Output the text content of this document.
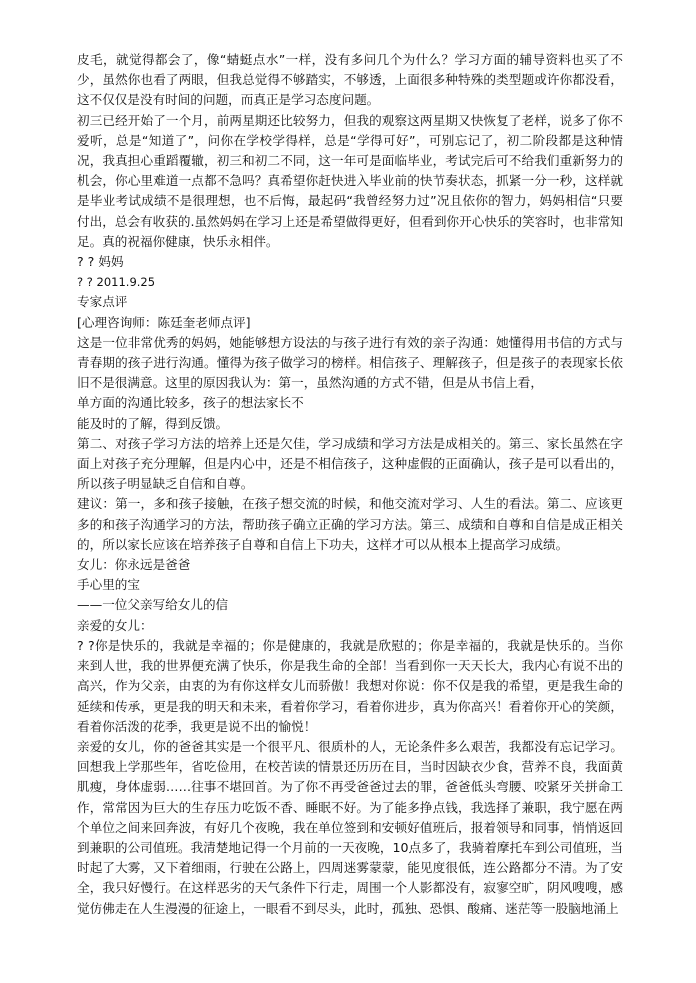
皮毛，就觉得都会了，像“蜻蜓点水”一样，没有多问几个为什么？学习方面的辅导资料也买了不少，虽然你也看了两眼，但我总觉得不够踏实，不够透，上面很多种特殊的类型题或许你都没看，这不仅仅是没有时间的问题，而真正是学习态度问题。

初三已经开始了一个月，前两星期还比较努力，但我的观察这两星期又快恢复了老样，说多了你不爱听，总是“知道了”，问你在学校学得样，总是“学得可好”，可别忘记了，初二阶段都是这种情况，我真担心重蹈覆辙，初三和初二不同，这一年可是面临毕业，考试完后可不给我们重新努力的机会，你心里难道一点都不急吗？真希望你赶快进入毕业前的快节奏状态，抓紧一分一秒，这样就是毕业考试成绩不是很理想，也不后悔，最起码“我曾经努力过”况且依你的智力，妈妈相信“只要付出，总会有收获的.虽然妈妈在学习上还是希望做得更好，但看到你开心快乐的笑容时，也非常知足。真的祝福你健康，快乐永相伴。

? ? 妈妈

? ? 2011.9.25

专家点评

[心理咨询师：陈廷奎老师点评]

这是一位非常优秀的妈妈，她能够想方设法的与孩子进行有效的亲子沟通：她懂得用书信的方式与青春期的孩子进行沟通。懂得为孩子做学习的榜样。相信孩子、理解孩子，但是孩子的表现家长依旧不是很满意。这里的原因我认为：第一，虽然沟通的方式不错，但是从书信上看，

单方面的沟通比较多，孩子的想法家长不

能及时的了解，得到反馈。

第二、对孩子学习方法的培养上还是欠佳，学习成绩和学习方法是成相关的。第三、家长虽然在字面上对孩子充分理解，但是内心中，还是不相信孩子，这种虚假的正面确认，孩子是可以看出的，所以孩子明显缺乏自信和自尊。

建议：第一，多和孩子接触，在孩子想交流的时候，和他交流对学习、人生的看法。第二、应该更多的和孩子沟通学习的方法，帮助孩子确立正确的学习方法。第三、成绩和自尊和自信是成正相关的，所以家长应该在培养孩子自尊和自信上下功夫，这样才可以从根本上提高学习成绩。

女儿：你永远是爸爸

手心里的宝

——一位父亲写给女儿的信

亲爱的女儿：

? ?你是快乐的，我就是幸福的；你是健康的，我就是欣慰的；你是幸福的，我就是快乐的。当你来到人世，我的世界便充满了快乐，你是我生命的全部！当看到你一天天长大，我内心有说不出的高兴，作为父亲，由衷的为有你这样女儿而骄傲！我想对你说：你不仅是我的希望，更是我生命的延续和传承，更是我的明天和未来，看着你学习，看着你进步，真为你高兴！看着你开心的笑颜，看着你活泼的花季，我更是说不出的愉悦！

亲爱的女儿，你的爸爸其实是一个很平凡、很质朴的人，无论条件多么艰苦，我都没有忘记学习。回想我上学那些年，省吃俭用，在校苦读的情景还历历在目，当时因缺衣少食，营养不良，我面黄肌瘦，身体虚弱……往事不堪回首。为了你不再受爸爸过去的罪，爸爸低头弯腰、咬紧牙关拼命工作，常常因为巨大的生存压力吃饭不香、睡眠不好。为了能多挣点钱，我选择了兼职，我宁愿在两个单位之间来回奔波，有好几个夜晚，我在单位签到和安顿好值班后，报着领导和同事，悄悄返回到兼职的公司值班。我清楚地记得一个月前的一天夜晚，10点多了，我骑着摩托车到公司值班，当时起了大雾，又下着细雨，行驶在公路上，四周迷雾蒙蒙，能见度很低，连公路都分不清。为了安全，我只好慢行。在这样恶劣的天气条件下行走，周围一个人影都没有，寂寥空旷，阴风嗖嗖，感觉仿佛走在人生漫漫的征途上，一眼看不到尽头，此时，孤独、恐惧、酸痛、迷茫等一股脑地涌上
